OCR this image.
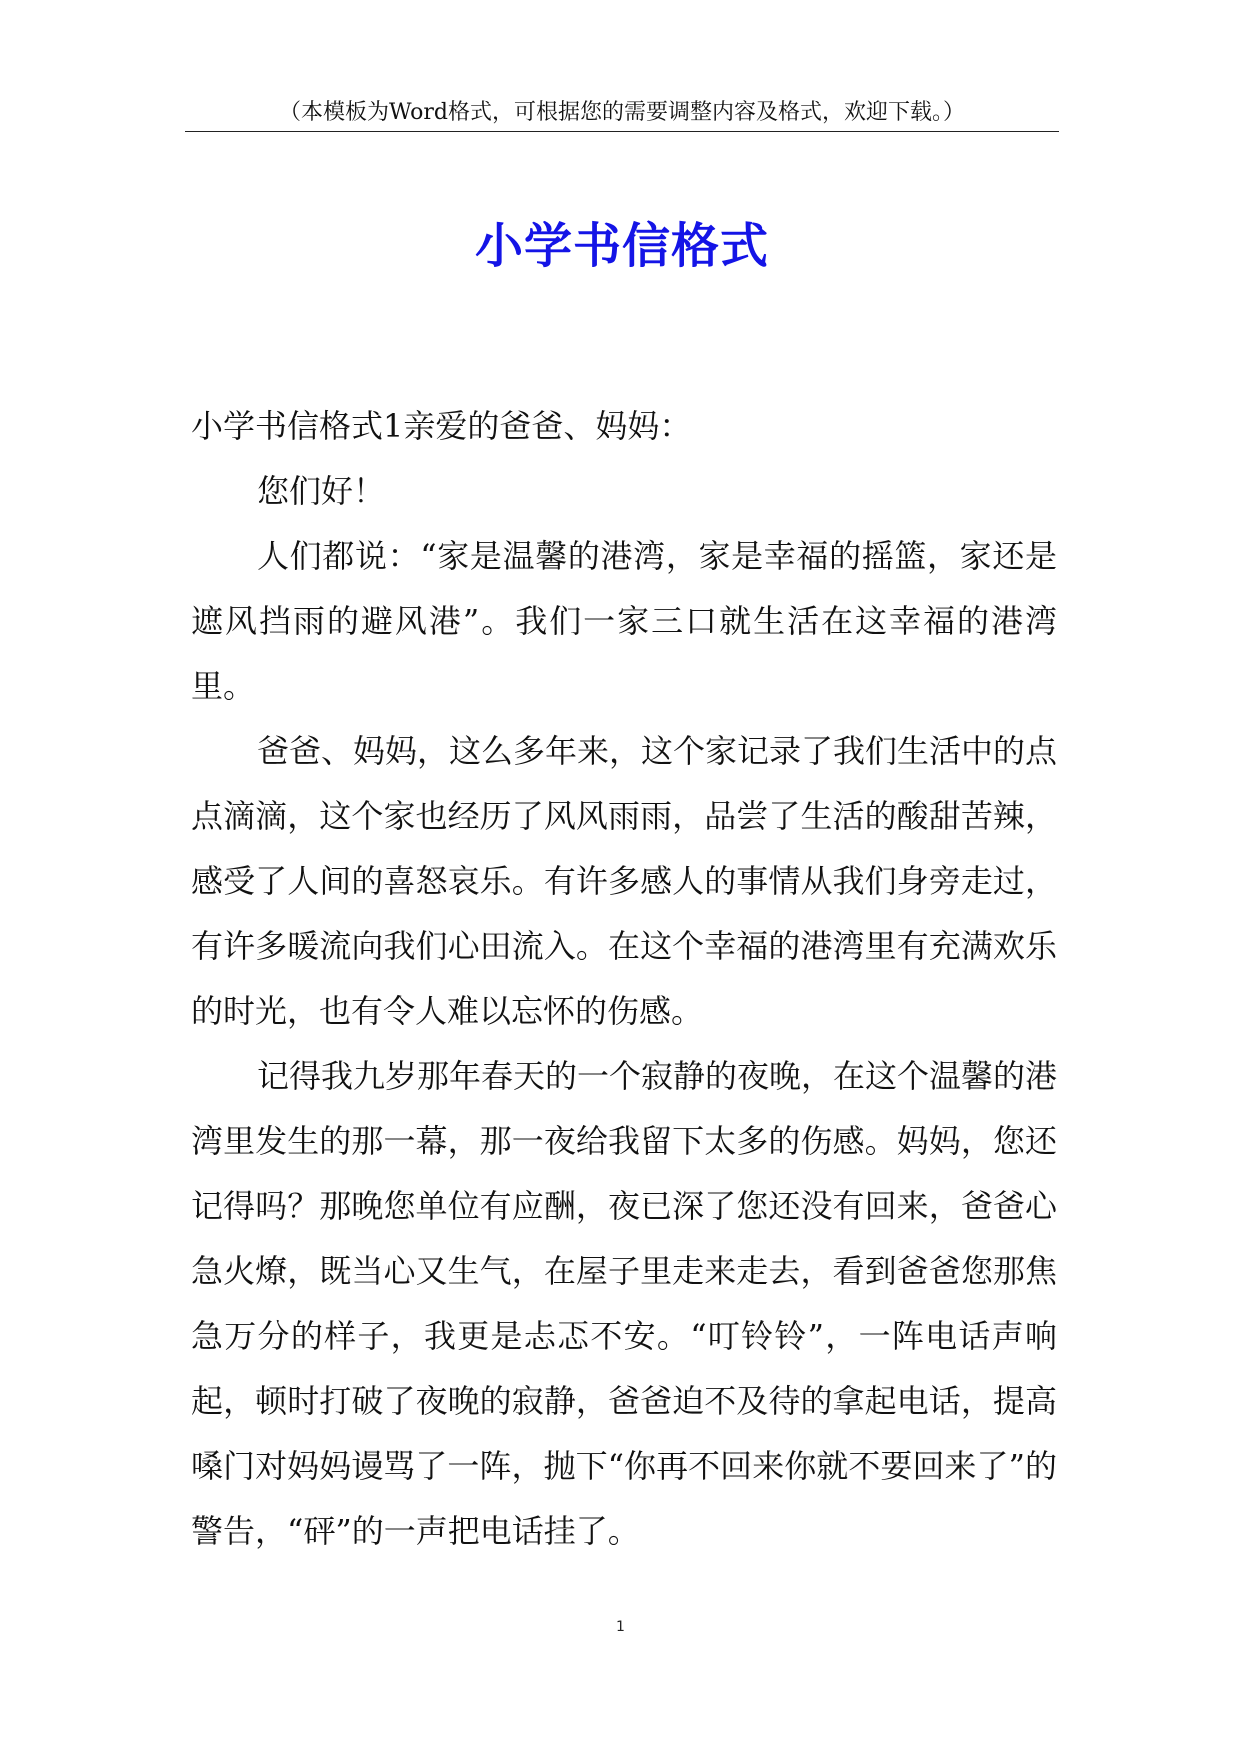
（本模板为Word格式，可根据您的需要调整内容及格式，欢迎下载。）
小学书信格式

小学书信格式1亲爱的爸爸、妈妈：

您们好！

人们都说：“家是温馨的港湾，家是幸福的摇篮，家还是遮风挡雨的避风港”。我们一家三口就生活在这幸福的港湾里。

爸爸、妈妈，这么多年来，这个家记录了我们生活中的点点滴滴，这个家也经历了风风雨雨，品尝了生活的酸甜苦辣，感受了人间的喜怒哀乐。有许多感人的事情从我们身旁走过，有许多暖流向我们心田流入。在这个幸福的港湾里有充满欢乐的时光，也有令人难以忘怀的伤感。

记得我九岁那年春天的一个寂静的夜晚，在这个温馨的港湾里发生的那一幕，那一夜给我留下太多的伤感。妈妈，您还记得吗？那晚您单位有应酬，夜已深了您还没有回来，爸爸心急火燎，既当心又生气，在屋子里走来走去，看到爸爸您那焦急万分的样子，我更是忐忑不安。“叮铃铃”，一阵电话声响起，顿时打破了夜晚的寂静，爸爸迫不及待的拿起电话，提高嗓门对妈妈谩骂了一阵，抛下“你再不回来你就不要回来了”的警告，“砰”的一声把电话挂了。

1
